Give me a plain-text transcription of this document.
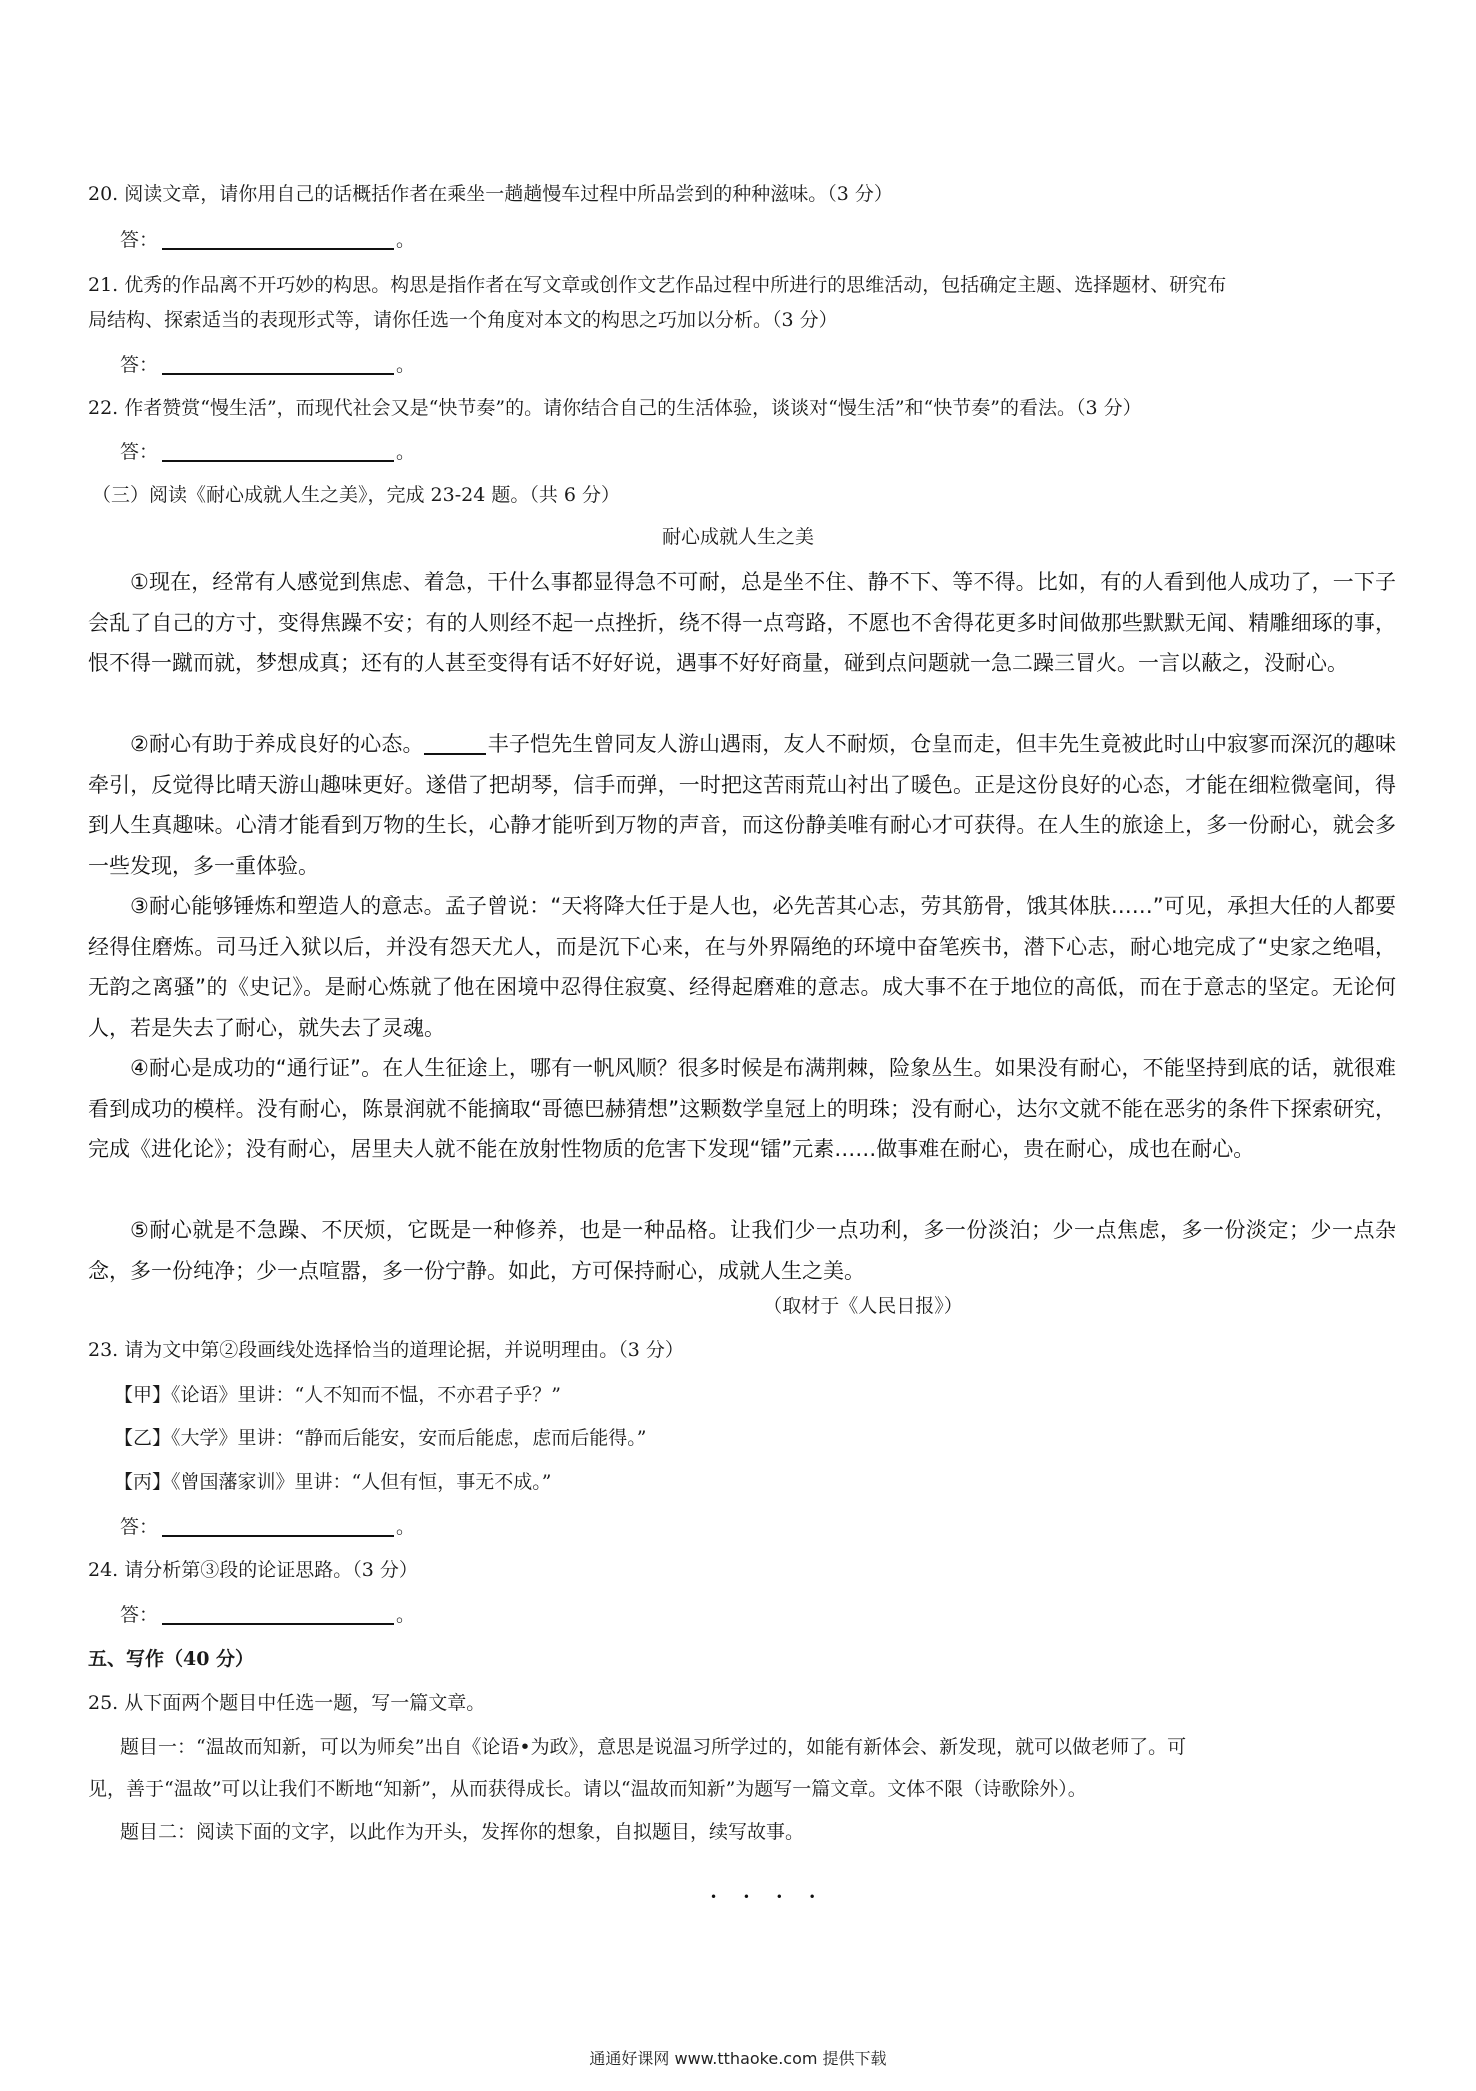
20. 阅读文章，请你用自己的话概括作者在乘坐一趟趟慢车过程中所品尝到的种种滋味。（3 分）
答：	。
21. 优秀的作品离不开巧妙的构思。构思是指作者在写文章或创作文艺作品过程中所进行的思维活动，包括确定主题、选择题材、研究布
局结构、探索适当的表现形式等，请你任选一个角度对本文的构思之巧加以分析。（3 分）
答：	。
22. 作者赞赏“慢生活”，而现代社会又是“快节奏”的。请你结合自己的生活体验，谈谈对“慢生活”和“快节奏”的看法。（3 分）
答：	。
（三）阅读《耐心成就人生之美》，完成 23-24 题。（共 6 分）
耐心成就人生之美

①现在，经常有人感觉到焦虑、着急，干什么事都显得急不可耐，总是坐不住、静不下、等不得。比如，有的人看到他人成功了，一下子会乱了自己的方寸，变得焦躁不安；有的人则经不起一点挫折，绕不得一点弯路，不愿也不舍得花更多时间做那些默默无闻、精雕细琢的事，恨不得一蹴而就，梦想成真；还有的人甚至变得有话不好好说，遇事不好好商量，碰到点问题就一急二躁三冒火。一言以蔽之，没耐心。

②耐心有助于养成良好的心态。	丰子恺先生曾同友人游山遇雨，友人不耐烦，仓皇而走，但丰先生竟被此时山中寂寥而深沉的趣味牵引，反觉得比晴天游山趣味更好。遂借了把胡琴，信手而弹，一时把这苦雨荒山衬出了暖色。正是这份良好的心态，才能在细粒微毫间，得到人生真趣味。心清才能看到万物的生长，心静才能听到万物的声音，而这份静美唯有耐心才可获得。在人生的旅途上，多一份耐心，就会多一些发现，多一重体验。

③耐心能够锤炼和塑造人的意志。孟子曾说：“天将降大任于是人也，必先苦其心志，劳其筋骨，饿其体肤……”可见，承担大任的人都要经得住磨炼。司马迁入狱以后，并没有怨天尤人，而是沉下心来，在与外界隔绝的环境中奋笔疾书，潜下心志，耐心地完成了“史家之绝唱，无韵之离骚”的《史记》。是耐心炼就了他在困境中忍得住寂寞、经得起磨难的意志。成大事不在于地位的高低，而在于意志的坚定。无论何人，若是失去了耐心，就失去了灵魂。

④耐心是成功的“通行证”。在人生征途上，哪有一帆风顺？很多时候是布满荆棘，险象丛生。如果没有耐心，不能坚持到底的话，就很难看到成功的模样。没有耐心，陈景润就不能摘取“哥德巴赫猜想”这颗数学皇冠上的明珠；没有耐心，达尔文就不能在恶劣的条件下探索研究，完成《进化论》；没有耐心，居里夫人就不能在放射性物质的危害下发现“镭”元素……做事难在耐心，贵在耐心，成也在耐心。

⑤耐心就是不急躁、不厌烦，它既是一种修养，也是一种品格。让我们少一点功利，多一份淡泊；少一点焦虑，多一份淡定；少一点杂念，多一份纯净；少一点喧嚣，多一份宁静。如此，方可保持耐心，成就人生之美。

（取材于《人民日报》）
23. 请为文中第②段画线处选择恰当的道理论据，并说明理由。（3 分）
【甲】《论语》里讲：“人不知而不愠，不亦君子乎？”
【乙】《大学》里讲：“静而后能安，安而后能虑，虑而后能得。”
【丙】《曾国藩家训》里讲：“人但有恒，事无不成。”
答：	。
24. 请分析第③段的论证思路。（3 分）
答：	。
五、写作（40 分）
25. 从下面两个题目中任选一题，写一篇文章。
题目一：“温故而知新，可以为师矣”出自《论语•为政》，意思是说温习所学过的，如能有新体会、新发现，就可以做老师了。可
见，善于“温故”可以让我们不断地“知新”，从而获得成长。请以“温故而知新”为题写一篇文章。文体不限（诗歌除外）。
题目二：阅读下面的文字，以此作为开头，发挥你的想象，自拟题目，续写故事。
• • • •
通通好课网 www.tthaoke.com 提供下载
